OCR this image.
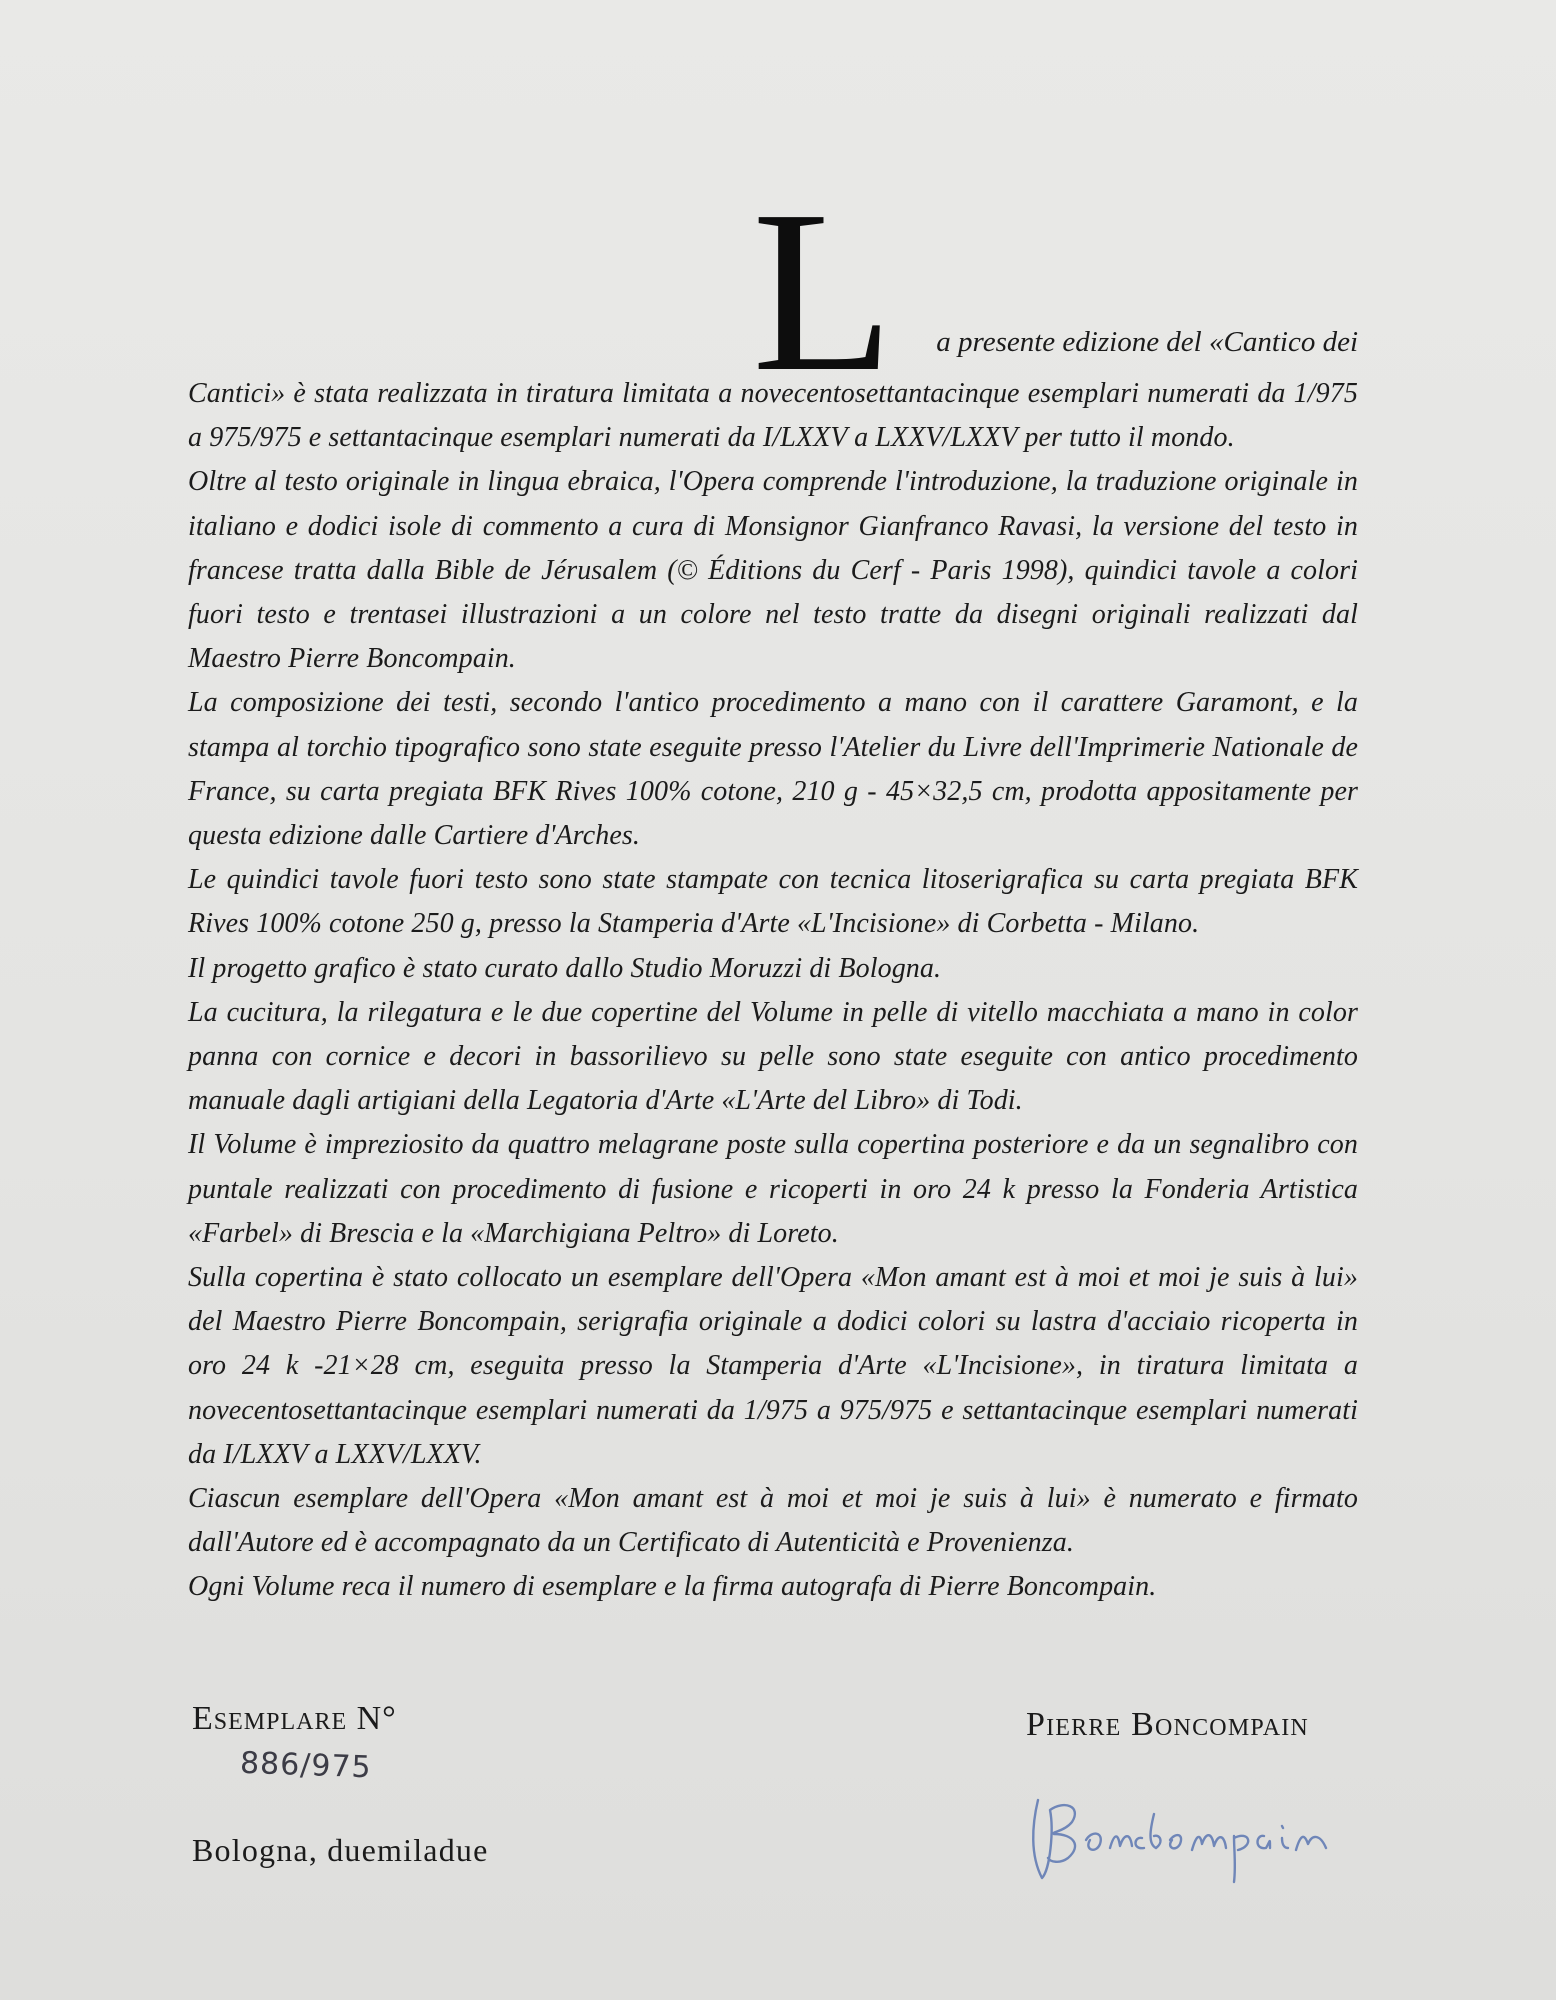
L	a presente edizione del «Cantico dei

Cantici» è stata realizzata in tiratura limitata a novecentosettantacinque esemplari numerati da 1/975 a 975/975 e settantacinque esemplari numerati da I/LXXV a LXXV/LXXV per tutto il mondo.

Oltre al testo originale in lingua ebraica, l'Opera comprende l'introduzione, la traduzione originale in italiano e dodici isole di commento a cura di Monsignor Gianfranco Ravasi, la versione del testo in francese tratta dalla Bible de Jérusalem (© Éditions du Cerf - Paris 1998), quindici tavole a colori fuori testo e trentasei illustrazioni a un colore nel testo tratte da disegni originali realizzati dal Maestro Pierre Boncompain.

La composizione dei testi, secondo l'antico procedimento a mano con il carattere Garamont, e la stampa al torchio tipografico sono state eseguite presso l'Atelier du Livre dell'Imprimerie Nationale de France, su carta pregiata BFK Rives 100% cotone, 210 g - 45×32,5 cm, prodotta appositamente per questa edizione dalle Cartiere d'Arches.

Le quindici tavole fuori testo sono state stampate con tecnica litoserigrafica su carta pregiata BFK Rives 100% cotone 250 g, presso la Stamperia d'Arte «L'Incisione» di Corbetta - Milano.

Il progetto grafico è stato curato dallo Studio Moruzzi di Bologna.

La cucitura, la rilegatura e le due copertine del Volume in pelle di vitello macchiata a mano in color panna con cornice e decori in bassorilievo su pelle sono state eseguite con antico procedimento manuale dagli artigiani della Legatoria d'Arte «L'Arte del Libro» di Todi.

Il Volume è impreziosito da quattro melagrane poste sulla copertina posteriore e da un segnalibro con puntale realizzati con procedimento di fusione e ricoperti in oro 24 k presso la Fonderia Artistica «Farbel» di Brescia e la «Marchigiana Peltro» di Loreto.

Sulla copertina è stato collocato un esemplare dell'Opera «Mon amant est à moi et moi je suis à lui» del Maestro Pierre Boncompain, serigrafia originale a dodici colori su lastra d'acciaio ricoperta in oro 24 k -21×28 cm, eseguita presso la Stamperia d'Arte «L'Incisione», in tiratura limitata a novecentosettantacinque esemplari numerati da 1/975 a 975/975 e settantacinque esemplari numerati da I/LXXV a LXXV/LXXV.

Ciascun esemplare dell'Opera «Mon amant est à moi et moi je suis à lui» è numerato e firmato dall'Autore ed è accompagnato da un Certificato di Autenticità e Provenienza.

Ogni Volume reca il numero di esemplare e la firma autografa di Pierre Boncompain.

Esemplare N°
886/975
Bologna, duemiladue
Pierre Boncompain
